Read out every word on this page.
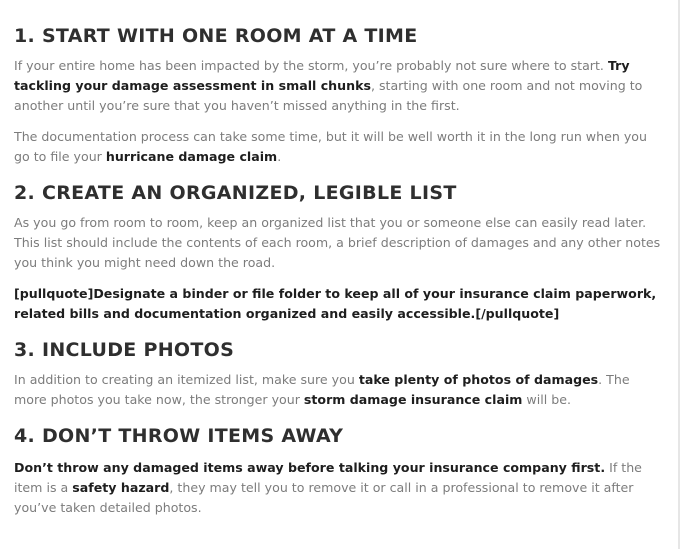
1. START WITH ONE ROOM AT A TIME

If your entire home has been impacted by the storm, you’re probably not sure where to start. Try tackling your damage assessment in small chunks, starting with one room and not moving to another until you’re sure that you haven’t missed anything in the first.

The documentation process can take some time, but it will be well worth it in the long run when you go to file your hurricane damage claim.

2. CREATE AN ORGANIZED, LEGIBLE LIST

As you go from room to room, keep an organized list that you or someone else can easily read later. This list should include the contents of each room, a brief description of damages and any other notes you think you might need down the road.

[pullquote]Designate a binder or file folder to keep all of your insurance claim paperwork, related bills and documentation organized and easily accessible.[/pullquote]

3. INCLUDE PHOTOS

In addition to creating an itemized list, make sure you take plenty of photos of damages. The more photos you take now, the stronger your storm damage insurance claim will be.

4. DON’T THROW ITEMS AWAY

Don’t throw any damaged items away before talking your insurance company first. If the item is a safety hazard, they may tell you to remove it or call in a professional to remove it after you’ve taken detailed photos.
